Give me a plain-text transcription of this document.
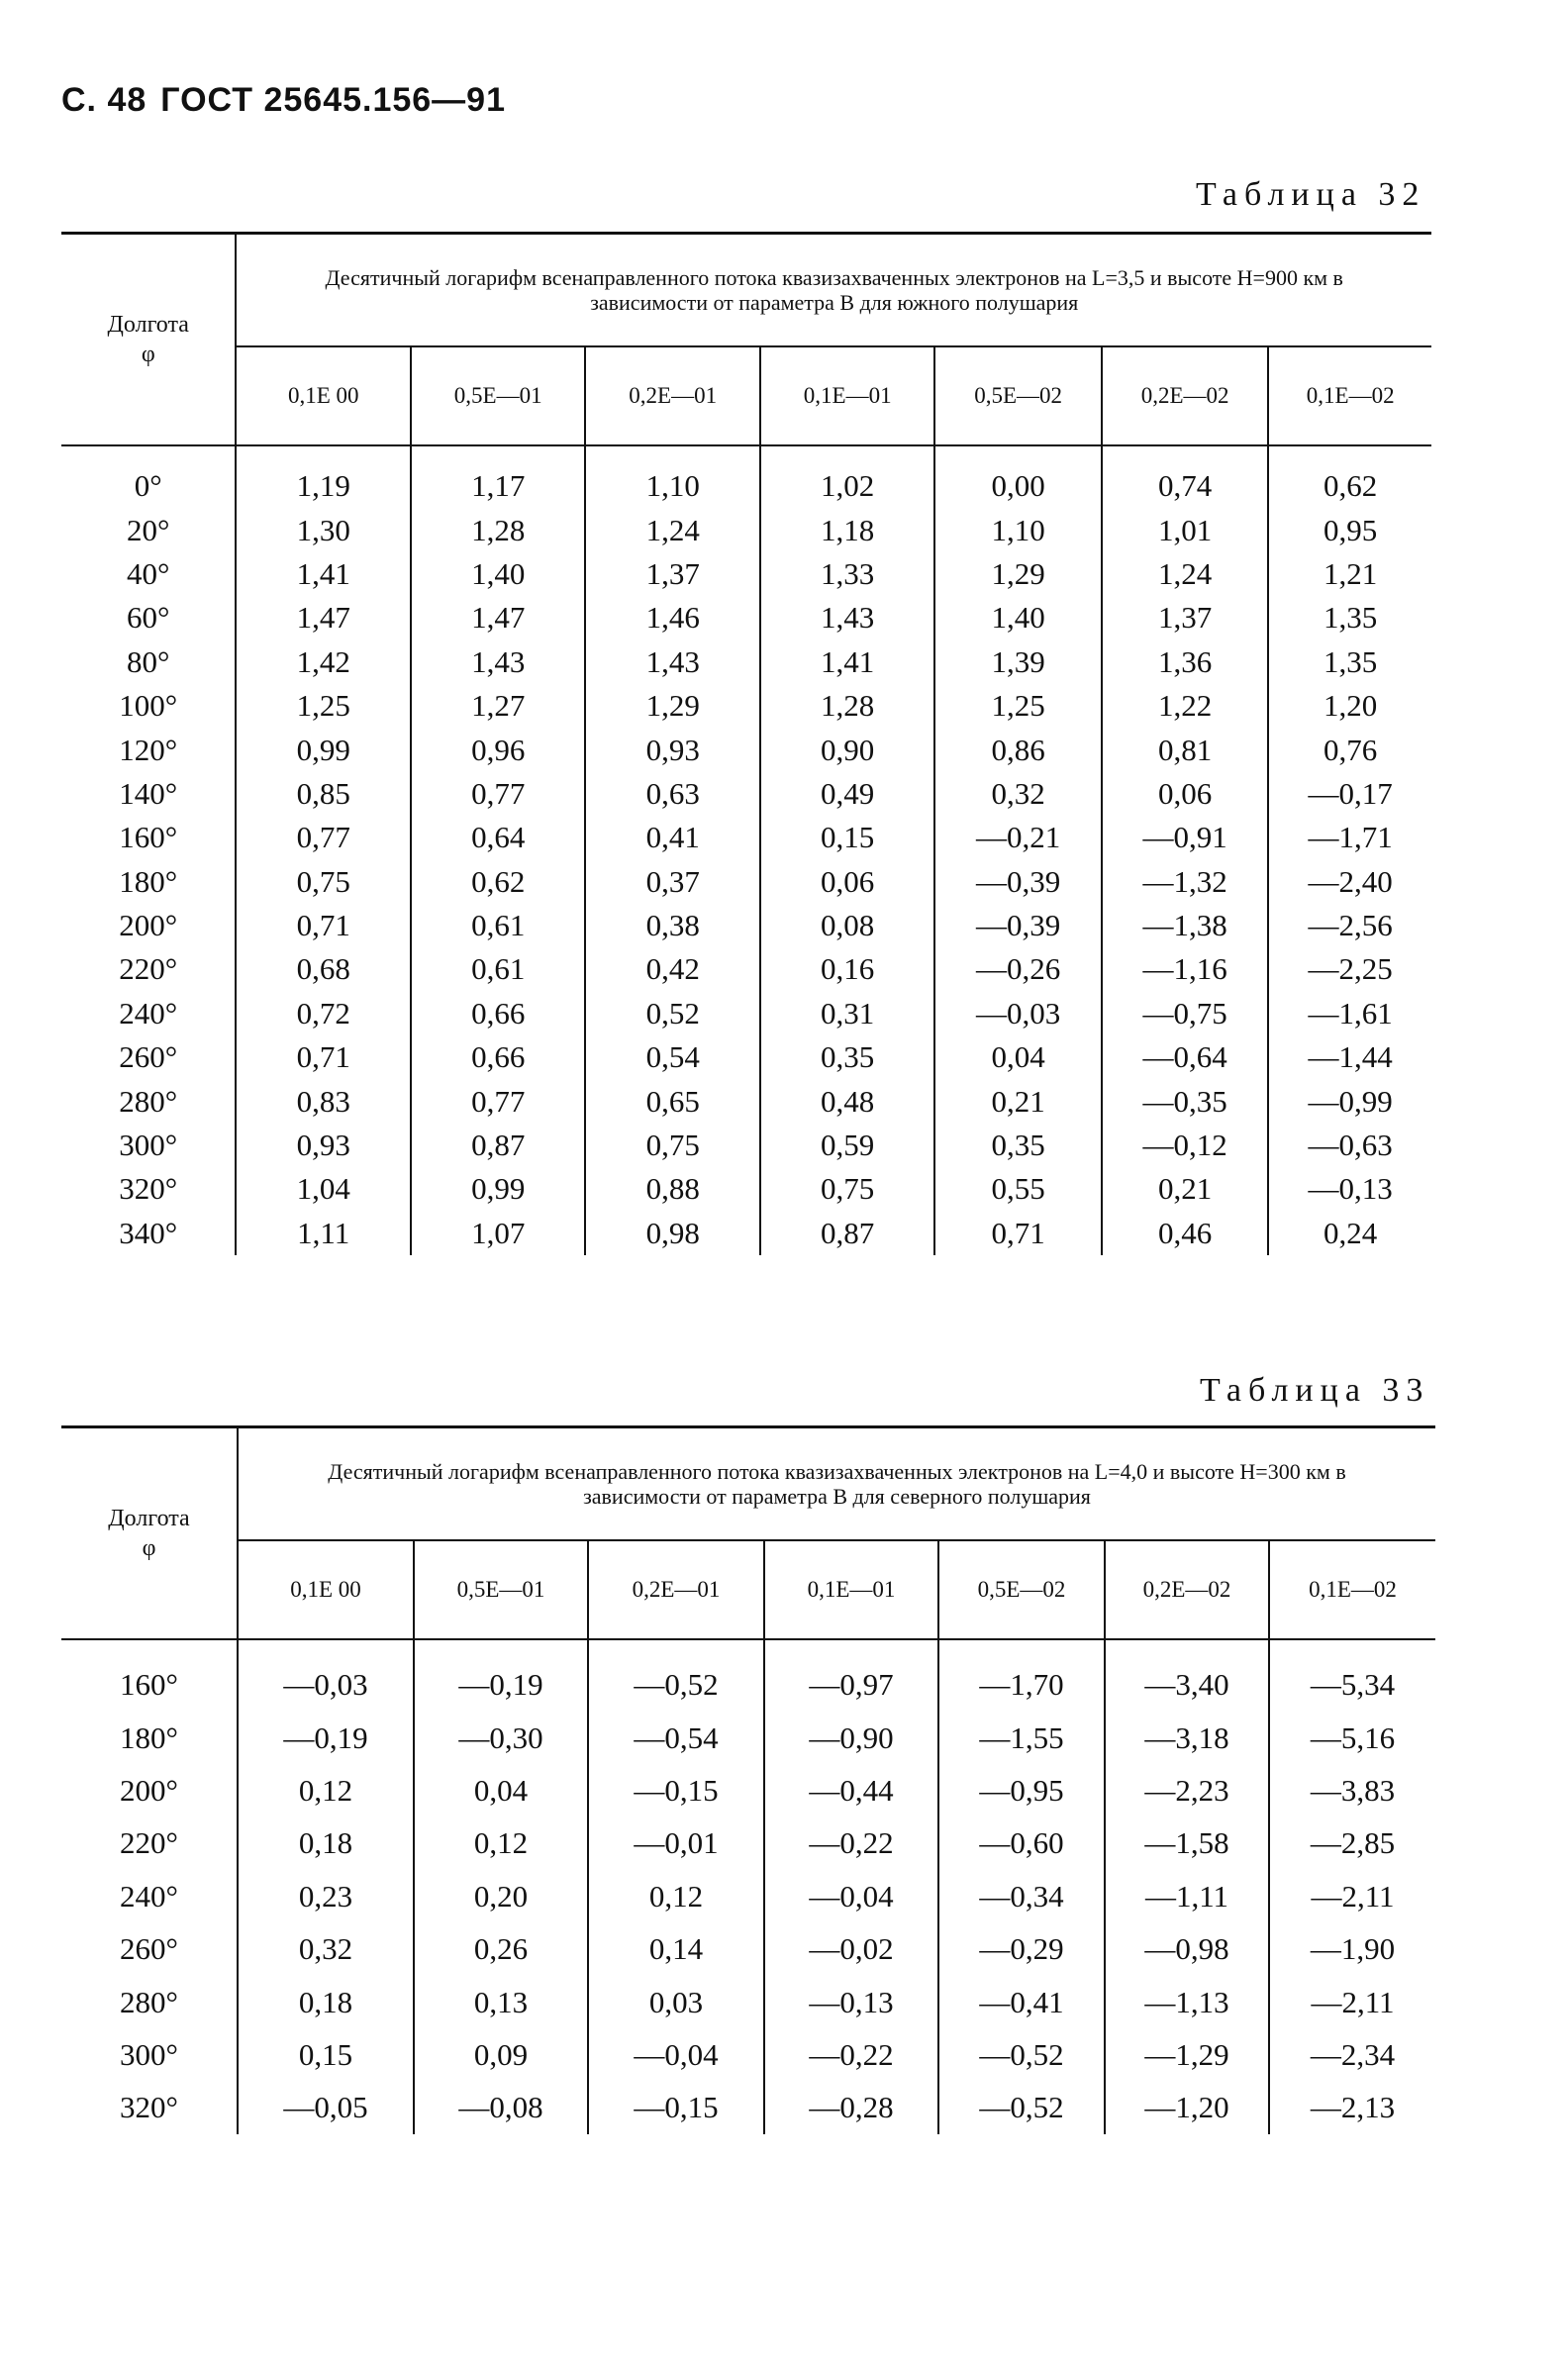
С. 48 ГОСТ 25645.156—91
Таблица 32
Долгота
φ	Десятичный логарифм всенаправленного потока квазизахваченных электронов на L=3,5 и высоте H=900 км в зависимости от параметра B для южного полушария						
	0,1E 00	0,5E—01	0,2E—01	0,1E—01	0,5E—02	0,2E—02	0,1E—02

0°	1,19	1,17	1,10	1,02	0,00	0,74	0,62
20°	1,30	1,28	1,24	1,18	1,10	1,01	0,95
40°	1,41	1,40	1,37	1,33	1,29	1,24	1,21
60°	1,47	1,47	1,46	1,43	1,40	1,37	1,35
80°	1,42	1,43	1,43	1,41	1,39	1,36	1,35
100°	1,25	1,27	1,29	1,28	1,25	1,22	1,20
120°	0,99	0,96	0,93	0,90	0,86	0,81	0,76
140°	0,85	0,77	0,63	0,49	0,32	0,06	—0,17
160°	0,77	0,64	0,41	0,15	—0,21	—0,91	—1,71
180°	0,75	0,62	0,37	0,06	—0,39	—1,32	—2,40
200°	0,71	0,61	0,38	0,08	—0,39	—1,38	—2,56
220°	0,68	0,61	0,42	0,16	—0,26	—1,16	—2,25
240°	0,72	0,66	0,52	0,31	—0,03	—0,75	—1,61
260°	0,71	0,66	0,54	0,35	0,04	—0,64	—1,44
280°	0,83	0,77	0,65	0,48	0,21	—0,35	—0,99
300°	0,93	0,87	0,75	0,59	0,35	—0,12	—0,63
320°	1,04	0,99	0,88	0,75	0,55	0,21	—0,13
340°	1,11	1,07	0,98	0,87	0,71	0,46	0,24
Таблица 33
Долгота
φ	Десятичный логарифм всенаправленного потока квазизахваченных электронов на L=4,0 и высоте H=300 км в зависимости от параметра B для северного полушария						
	0,1E 00	0,5E—01	0,2E—01	0,1E—01	0,5E—02	0,2E—02	0,1E—02

160°	—0,03	—0,19	—0,52	—0,97	—1,70	—3,40	—5,34
180°	—0,19	—0,30	—0,54	—0,90	—1,55	—3,18	—5,16
200°	0,12	0,04	—0,15	—0,44	—0,95	—2,23	—3,83
220°	0,18	0,12	—0,01	—0,22	—0,60	—1,58	—2,85
240°	0,23	0,20	0,12	—0,04	—0,34	—1,11	—2,11
260°	0,32	0,26	0,14	—0,02	—0,29	—0,98	—1,90
280°	0,18	0,13	0,03	—0,13	—0,41	—1,13	—2,11
300°	0,15	0,09	—0,04	—0,22	—0,52	—1,29	—2,34
320°	—0,05	—0,08	—0,15	—0,28	—0,52	—1,20	—2,13
